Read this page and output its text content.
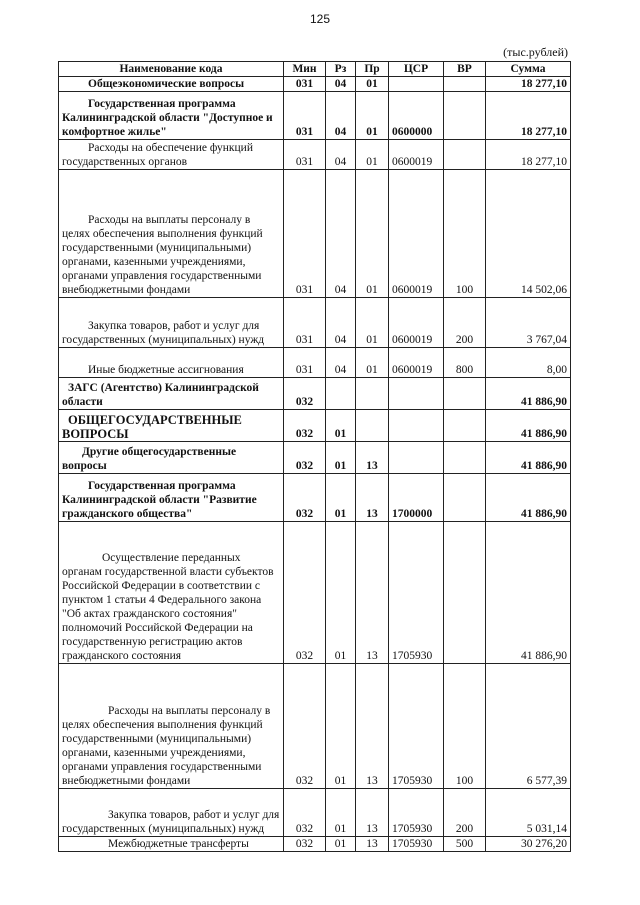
125
(тыс.рублей)
Наименование кода	Мин	Рз	Пр	ЦСР	ВР	Сумма
Общеэкономические вопросы	031	04	01			18 277,10
Государственная программа Калининградской области "Доступное и комфортное жилье"	031	04	01	0600000		18 277,10
Расходы на обеспечение функций государственных органов	031	04	01	0600019		18 277,10
Расходы на выплаты персоналу в целях обеспечения выполнения функций государственными (муниципальными) органами, казенными учреждениями, органами управления государственными внебюджетными фондами	031	04	01	0600019	100	14 502,06
Закупка товаров, работ и услуг для государственных (муниципальных) нужд	031	04	01	0600019	200	3 767,04
Иные бюджетные ассигнования	031	04	01	0600019	800	8,00
ЗАГС (Агентство) Калининградской области	032					41 886,90
ОБЩЕГОСУДАРСТВЕННЫЕ ВОПРОСЫ	032	01				41 886,90
Другие общегосударственные вопросы	032	01	13			41 886,90
Государственная программа Калининградской области "Развитие гражданского общества"	032	01	13	1700000		41 886,90
Осуществление переданных органам государственной власти субъектов Российской Федерации в соответствии с пунктом 1 статьи 4 Федерального закона "Об актах гражданского состояния" полномочий Российской Федерации на государственную регистрацию актов гражданского состояния	032	01	13	1705930		41 886,90
Расходы на выплаты персоналу в целях обеспечения выполнения функций государственными (муниципальными) органами, казенными учреждениями, органами управления государственными внебюджетными фондами	032	01	13	1705930	100	6 577,39
Закупка товаров, работ и услуг для государственных (муниципальных) нужд	032	01	13	1705930	200	5 031,14
Межбюджетные трансферты	032	01	13	1705930	500	30 276,20
